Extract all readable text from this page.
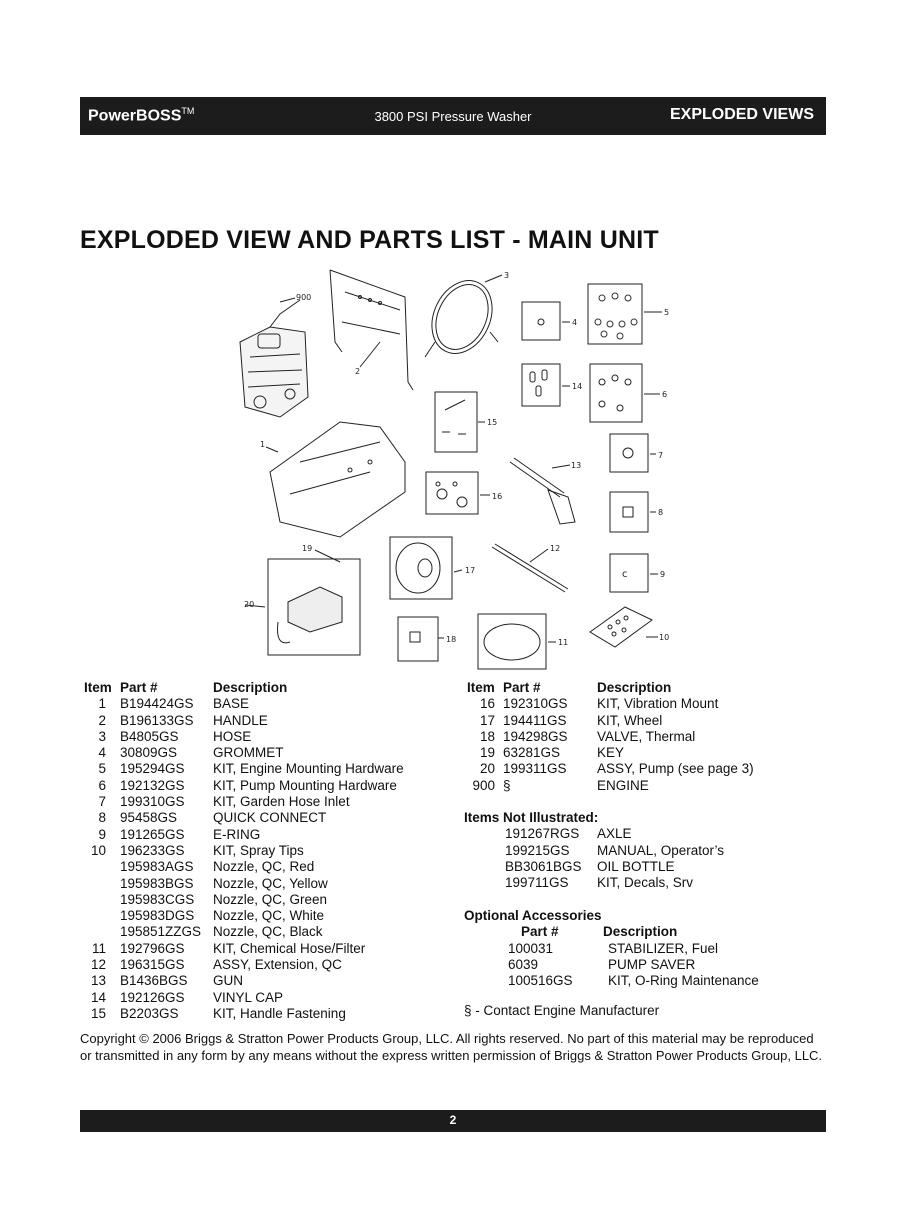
PowerBOSS™	3800 PSI Pressure Washer	EXPLODED VIEWS
EXPLODED VIEW AND PARTS LIST - MAIN UNIT
900
2
3
4
5
14
6
15
7
13
16
8
1
17
12
c	9
20
19
18	11
10
Item Part #	Description
1 B194424GS BASE
2 B196133GS HANDLE
3 B4805GS	HOSE
4 30809GS	GROMMET
5 195294GS KIT, Engine Mounting Hardware
6 192132GS KIT, Pump Mounting Hardware
7 199310GS KIT, Garden Hose Inlet
8 95458GS	QUICK CONNECT
9 191265GS E-RING
10 196233GS KIT, Spray Tips
195983AGS Nozzle, QC, Red
195983BGS Nozzle, QC, Yellow
195983CGS Nozzle, QC, Green
195983DGS Nozzle, QC, White
195851ZZGS Nozzle, QC, Black
11 192796GS KIT, Chemical Hose/Filter
12 196315GS ASSY, Extension, QC
13 B1436BGS GUN
14 192126GS VINYL CAP
15 B2203GS	KIT, Handle Fastening
Item Part #	Description
16 192310GS KIT, Vibration Mount
17 194411GS KIT, Wheel
18 194298GS VALVE, Thermal
19 63281GS	KEY
20 199311GS ASSY, Pump (see page 3)
900 §	ENGINE
Items Not Illustrated:
191267RGS AXLE
199215GS MANUAL, Operator’s
BB3061BGS OIL BOTTLE
199711GS KIT, Decals, Srv
Optional Accessories
Part #	Description
100031	STABILIZER, Fuel
6039	PUMP SAVER
100516GS	KIT, O-Ring Maintenance
§ - Contact Engine Manufacturer
Copyright © 2006 Briggs & Stratton Power Products Group, LLC. All rights reserved. No part of this material may be reproduced or transmitted in any form by any means without the express written permission of Briggs & Stratton Power Products Group, LLC.
2
